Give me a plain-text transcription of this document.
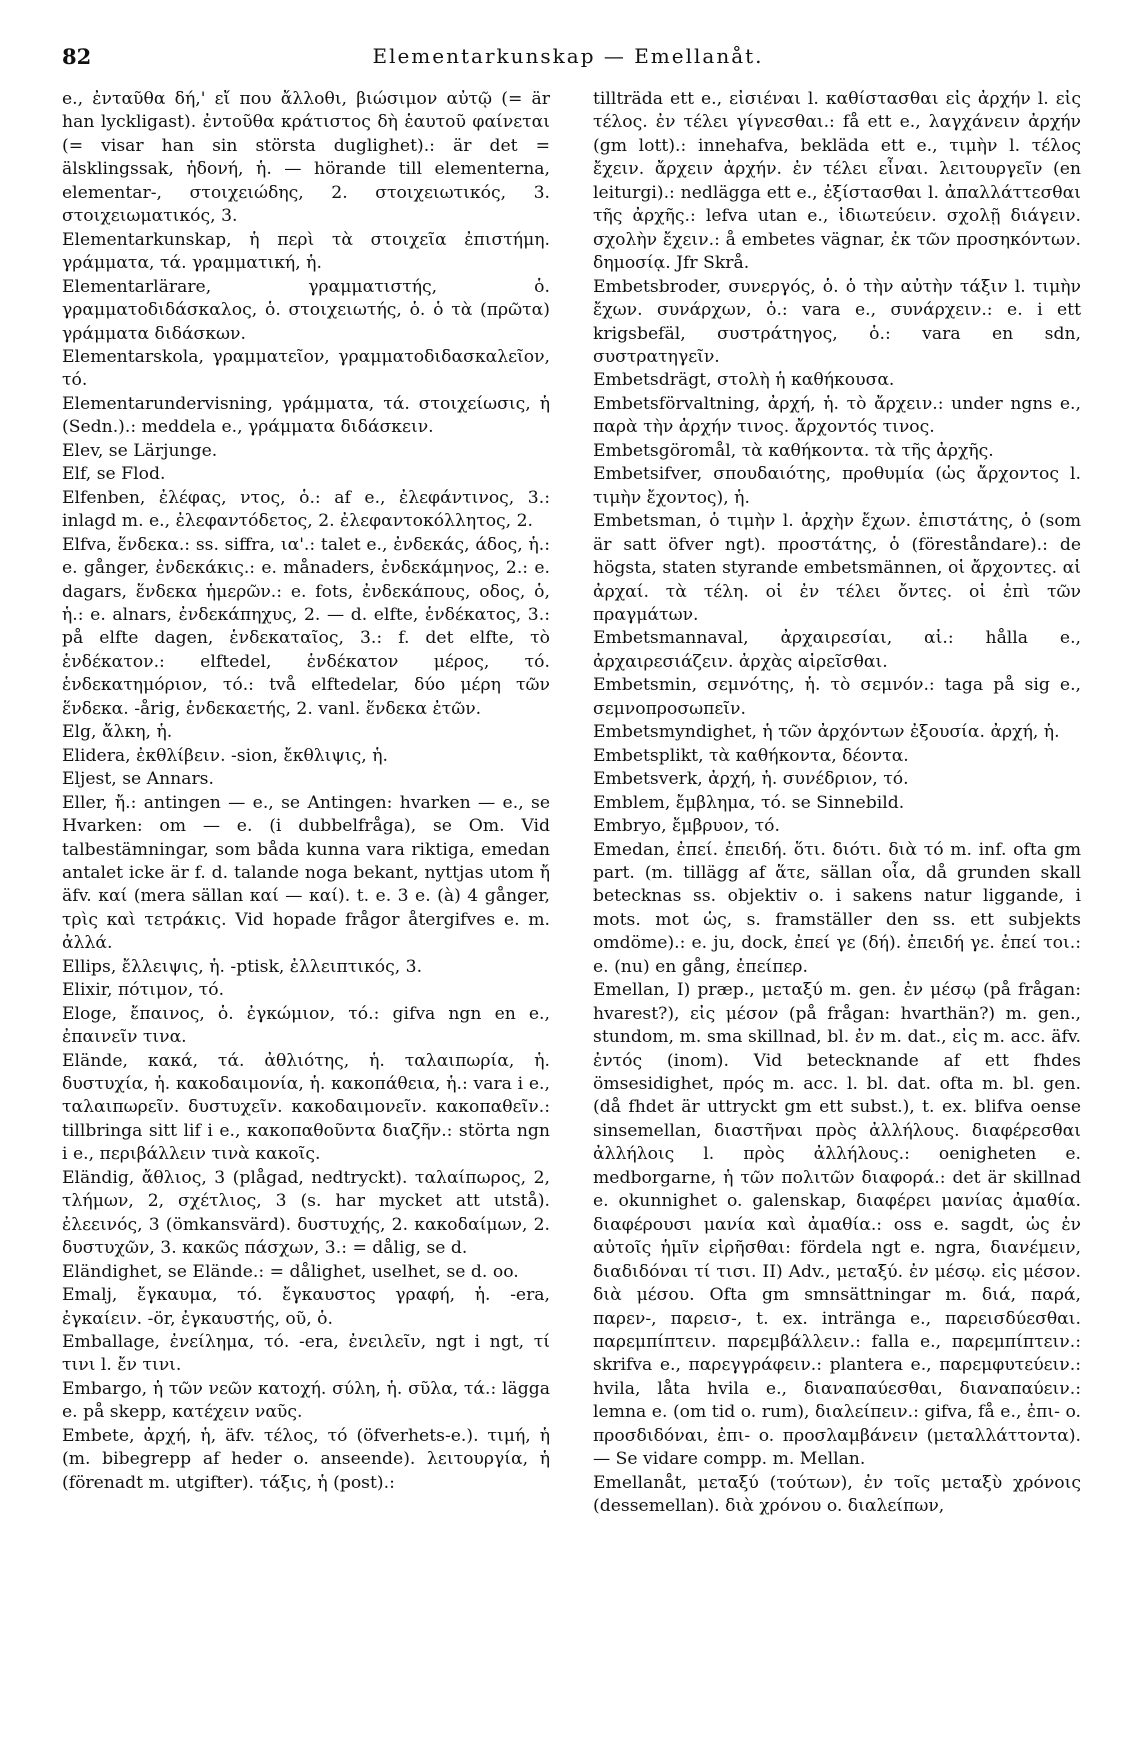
82	Elementarkunskap — Emellanåt.

e., ἐνταῦθα δή,' εἴ που ἄλλοθι, βιώσιμον αὐτῷ (= är han lyckligast). ἐντοῦθα κράτιστος δὴ ἑαυτοῦ φαίνεται (= visar han sin största duglighet).: är det = älsklingssak, ἡδονή, ἡ. — hörande till elementerna, elementar-, στοιχειώδης, 2. στοιχειωτικός, 3. στοιχειωματικός, 3.

Elementarkunskap, ἡ περὶ τὰ στοιχεῖα ἐπιστήμη. γράμματα, τά. γραμματική, ἡ.

Elementarlärare, γραμματιστής, ὁ. γραμματοδιδάσκαλος, ὁ. στοιχειωτής, ὁ. ὁ τὰ (πρῶτα) γράμματα διδάσκων.

Elementarskola, γραμματεῖον, γραμματοδιδασκαλεῖον, τό.

Elementarundervisning, γράμματα, τά. στοιχείωσις, ἡ (Sedn.).: meddela e., γράμματα διδάσκειν.

Elev, se Lärjunge.

Elf, se Flod.

Elfenben, ἐλέφας, ντος, ὁ.: af e., ἐλεφάντινος, 3.: inlagd m. e., ἐλεφαντόδετος, 2. ἐλεφαντοκόλλητος, 2.

Elfva, ἕνδεκα.: ss. siffra, ια'.: talet e., ἐνδεκάς, άδος, ἡ.: e. gånger, ἐνδεκάκις.: e. månaders, ἐνδεκάμηνος, 2.: e. dagars, ἕνδεκα ἡμερῶν.: e. fots, ἐνδεκάπους, οδος, ὁ, ἡ.: e. alnars, ἐνδεκάπηχυς, 2. — d. elfte, ἑνδέκατος, 3.: på elfte dagen, ἑνδεκαταῖος, 3.: f. det elfte, τὸ ἑνδέκατον.: elftedel, ἑνδέκατον μέρος, τό. ἑνδεκατημόριον, τό.: två elftedelar, δύο μέρη τῶν ἕνδεκα. -årig, ἑνδεκαετής, 2. vanl. ἕνδεκα ἐτῶν.

Elg, ἄλκη, ἡ.

Elidera, ἐκθλίβειν. -sion, ἔκθλιψις, ἡ.

Eljest, se Annars.

Eller, ἤ.: antingen — e., se Antingen: hvarken — e., se Hvarken: om — e. (i dubbelfråga), se Om. Vid talbestämningar, som båda kunna vara riktiga, emedan antalet icke är f. d. talande noga bekant, nyttjas utom ἤ äfv. καί (mera sällan καί — καί). t. e. 3 e. (à) 4 gånger, τρὶς καὶ τετράκις. Vid hopade frågor återgifves e. m. ἀλλά.

Ellips, ἔλλειψις, ἡ. -ptisk, ἐλλειπτικός, 3.

Elixir, πότιμον, τό.

Eloge, ἔπαινος, ὁ. ἐγκώμιον, τό.: gifva ngn en e., ἐπαινεῖν τινα.

Elände, κακά, τά. ἀθλιότης, ἡ. ταλαιπωρία, ἡ. δυστυχία, ἡ. κακοδαιμονία, ἡ. κακοπάθεια, ἡ.: vara i e., ταλαιπωρεῖν. δυστυχεῖν. κακοδαιμονεῖν. κακοπαθεῖν.: tillbringa sitt lif i e., κακοπαθοῦντα διαζῆν.: störta ngn i e., περιβάλλειν τινὰ κακοῖς.

Eländig, ἄθλιος, 3 (plågad, nedtryckt). ταλαίπωρος, 2, τλήμων, 2, σχέτλιος, 3 (s. har mycket att utstå). ἐλεεινός, 3 (ömkansvärd). δυστυχής, 2. κακοδαίμων, 2. δυστυχῶν, 3. κακῶς πάσχων, 3.: = dålig, se d.

Eländighet, se Elände.: = dålighet, uselhet, se d. oo.

Emalj, ἔγκαυμα, τό. ἔγκαυστος γραφή, ἡ. -era, ἐγκαίειν. -ör, ἐγκαυστής, οῦ, ὁ.

Emballage, ἐνείλημα, τό. -era, ἐνειλεῖν, ngt i ngt, τί τινι l. ἔν τινι.

Embargo, ἡ τῶν νεῶν κατοχή. σύλη, ἡ. σῦλα, τά.: lägga e. på skepp, κατέχειν ναῦς.

Embete, ἀρχή, ἡ, äfv. τέλος, τό (öfverhets-e.). τιμή, ἡ (m. bibegrepp af heder o. anseende). λειτουργία, ἡ (förenadt m. utgifter). τάξις, ἡ (post).:

tillträda ett e., εἰσιέναι l. καθίστασθαι εἰς ἀρχήν l. εἰς τέλος. ἐν τέλει γίγνεσθαι.: få ett e., λαγχάνειν ἀρχήν (gm lott).: innehafva, bekläda ett e., τιμὴν l. τέλος ἔχειν. ἄρχειν ἀρχήν. ἐν τέλει εἶναι. λειτουργεῖν (en leiturgi).: nedlägga ett e., ἐξίστασθαι l. ἀπαλλάττεσθαι τῆς ἀρχῆς.: lefva utan e., ἰδιωτεύειν. σχολῇ διάγειν. σχολὴν ἔχειν.: å embetes vägnar, ἐκ τῶν προσηκόντων. δημοσίᾳ. Jfr Skrå.

Embetsbroder, συνεργός, ὁ. ὁ τὴν αὐτὴν τάξιν l. τιμὴν ἔχων. συνάρχων, ὁ.: vara e., συνάρχειν.: e. i ett krigsbefäl, συστράτηγος, ὁ.: vara en sdn, συστρατηγεῖν.

Embetsdrägt, στολὴ ἡ καθήκουσα.

Embetsförvaltning, ἀρχή, ἡ. τὸ ἄρχειν.: under ngns e., παρὰ τὴν ἀρχήν τινος. ἄρχοντός τινος.

Embetsgöromål, τὰ καθήκοντα. τὰ τῆς ἀρχῆς.

Embetsifver, σπουδαιότης, προθυμία (ὡς ἄρχοντος l. τιμὴν ἔχοντος), ἡ.

Embetsman, ὁ τιμὴν l. ἀρχὴν ἔχων. ἐπιστάτης, ὁ (som är satt öfver ngt). προστάτης, ὁ (föreståndare).: de högsta, staten styrande embetsmännen, οἱ ἄρχοντες. αἱ ἀρχαί. τὰ τέλη. οἱ ἐν τέλει ὄντες. οἱ ἐπὶ τῶν πραγμάτων.

Embetsmannaval, ἀρχαιρεσίαι, αἱ.: hålla e., ἀρχαιρεσιάζειν. ἀρχὰς αἱρεῖσθαι.

Embetsmin, σεμνότης, ἡ. τὸ σεμνόν.: taga på sig e., σεμνοπροσωπεῖν.

Embetsmyndighet, ἡ τῶν ἀρχόντων ἐξουσία. ἀρχή, ἡ.

Embetsplikt, τὰ καθήκοντα, δέοντα.

Embetsverk, ἀρχή, ἡ. συνέδριον, τό.

Emblem, ἔμβλημα, τό. se Sinnebild.

Embryo, ἔμβρυον, τό.

Emedan, ἐπεί. ἐπειδή. ὅτι. διότι. διὰ τό m. inf. ofta gm part. (m. tillägg af ἅτε, sällan οἷα, då grunden skall betecknas ss. objektiv o. i sakens natur liggande, i mots. mot ὡς, s. framställer den ss. ett subjekts omdöme).: e. ju, dock, ἐπεί γε (δή). ἐπειδή γε. ἐπεί τοι.: e. (nu) en gång, ἐπείπερ.

Emellan, I) præp., μεταξύ m. gen. ἐν μέσῳ (på frågan: hvarest?), εἰς μέσον (på frågan: hvarthän?) m. gen., stundom, m. sma skillnad, bl. ἐν m. dat., εἰς m. acc. äfv. ἐντός (inom). Vid betecknande af ett fhdes ömsesidighet, πρός m. acc. l. bl. dat. ofta m. bl. gen. (då fhdet är uttryckt gm ett subst.), t. ex. blifva oense sinsemellan, διαστῆναι πρὸς ἀλλήλους. διαφέρεσθαι ἀλλήλοις l. πρὸς ἀλλήλους.: oenigheten e. medborgarne, ἡ τῶν πολιτῶν διαφορά.: det är skillnad e. okunnighet o. galenskap, διαφέρει μανίας ἀμαθία. διαφέρουσι μανία καὶ ἀμαθία.: oss e. sagdt, ὡς ἐν αὐτοῖς ἡμῖν εἰρῆσθαι: fördela ngt e. ngra, διανέμειν, διαδιδόναι τί τισι. II) Adv., μεταξύ. ἐν μέσῳ. εἰς μέσον. διὰ μέσου. Ofta gm smnsättningar m. διά, παρά, παρεν-, παρεισ-, t. ex. inträngа e., παρεισδύεσθαι. παρεμπίπτειν. παρεμβάλλειν.: falla e., παρεμπίπτειν.: skrifva e., παρεγγράφειν.: plantera e., παρεμφυτεύειν.: hvila, låta hvila e., διαναπαύεσθαι, διαναπαύειν.: lemna e. (om tid o. rum), διαλείπειν.: gifva, få e., ἐπι- o. προσδιδόναι, ἐπι- o. προσλαμβάνειν (μεταλλάττοντα). — Se vidare compp. m. Mellan.

Emellanåt, μεταξύ (τούτων), ἐν τοῖς μεταξὺ χρόνοις (dessemellan). διὰ χρόνου o. διαλείπων,
